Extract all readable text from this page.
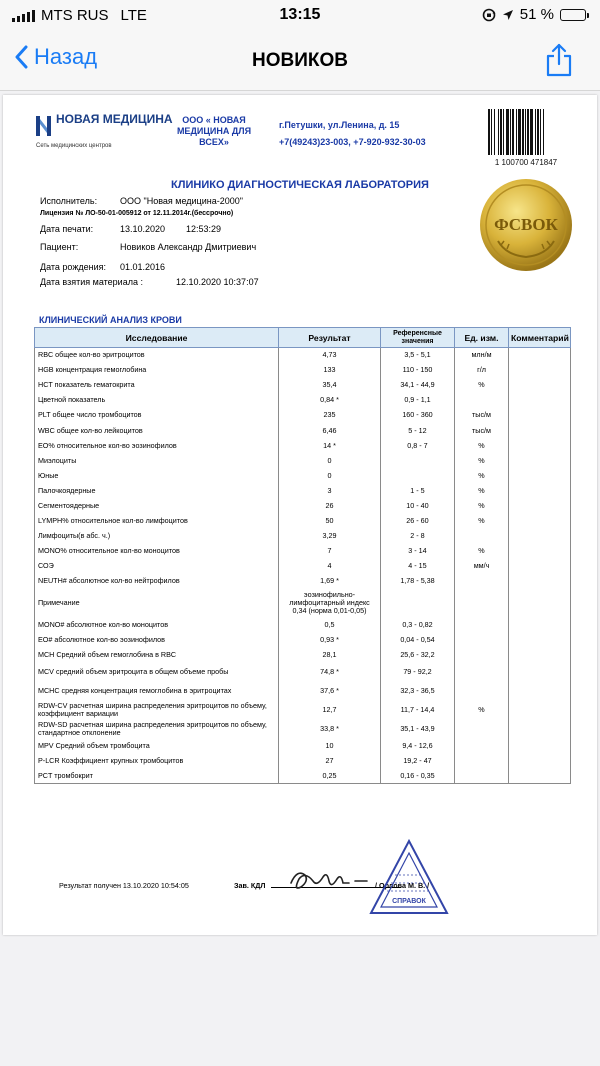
MTS RUS LTE	13:15	51 %
Назад	НОВИКОВ
НОВАЯ МЕДИЦИНА
Сеть медицинских центров
ООО « НОВАЯ МЕДИЦИНА ДЛЯ ВСЕХ»
г.Петушки, ул.Ленина, д. 15
+7(49243)23-003, +7-920-932-30-03
1 100700 471847
ФСВОК
КЛИНИКО ДИАГНОСТИЧЕСКАЯ ЛАБОРАТОРИЯ
Исполнитель:	ООО "Новая медицина-2000"
Лицензия № ЛО-50-01-005912 от 12.11.2014г.(бессрочно)
Дата печати:	13.10.2020 12:53:29
Пациент:	Новиков Александр Дмитриевич
Дата рождения: 01.01.2016
Дата взятия материала :	12.10.2020 10:37:07
КЛИНИЧЕСКИЙ АНАЛИЗ КРОВИ
Исследование	Результат	Референсные значения	Ед. изм.	Комментарий
RBC общее кол-во эритроцитов	4,73	3,5 - 5,1	млн/м	
HGB концентрация гемоглобина	133	110 - 150	г/л	
HCT показатель гематокрита	35,4	34,1 - 44,9	%	
Цветной показатель	0,84 *	0,9 - 1,1		
PLT общее число тромбоцитов	235	160 - 360	тыс/м	
WBC общее кол-во лейкоцитов	6,46	5 - 12	тыс/м	
EO% относительное кол-во эозинофилов	14 *	0,8 - 7	%	
Миэлоциты	0		%	
Юные	0		%	
Палочкоядерные	3	1 - 5	%	
Сегментоядерные	26	10 - 40	%	
LYMPH% относительное кол-во лимфоцитов	50	26 - 60	%	
Лимфоциты(в абс. ч.)	3,29	2 - 8		
MONO% относительное кол-во моноцитов	7	3 - 14	%	
СОЭ	4	4 - 15	мм/ч	
NEUTH# абсолютное кол-во нейтрофилов	1,69 *	1,78 - 5,38		
Примечание	эозинофильно-лимфоцитарный индекс 0,34 (норма 0,01-0,05)			
MONO# абсолютное кол-во моноцитов	0,5	0,3 - 0,82		
EO# абсолютное кол-во эозинофилов	0,93 *	0,04 - 0,54		
MCH Средний объем гемоглобина в RBC	28,1	25,6 - 32,2		
MCV средний объем эритроцита в общем объеме пробы	74,8 *	79 - 92,2		
MCHC средняя концентрация гемоглобина в эритроцитах	37,6 *	32,3 - 36,5		
RDW-CV расчетная ширина распределения эритроцитов по объему, коэффициент вариации	12,7	11,7 - 14,4	%	
RDW-SD расчетная ширина распределения эритроцитов по объему, стандартное отклонение	33,8 *	35,1 - 43,9		
MPV Средний объем тромбоцита	10	9,4 - 12,6		
P-LCR Коэффициент крупных тромбоцитов	27	19,2 - 47		
PCT тромбокрит	0,25	0,16 - 0,35		
Результат получен 13.10.2020 10:54:05	Зав. КДЛ	/ Орлова М. В. /
СПРАВОК
